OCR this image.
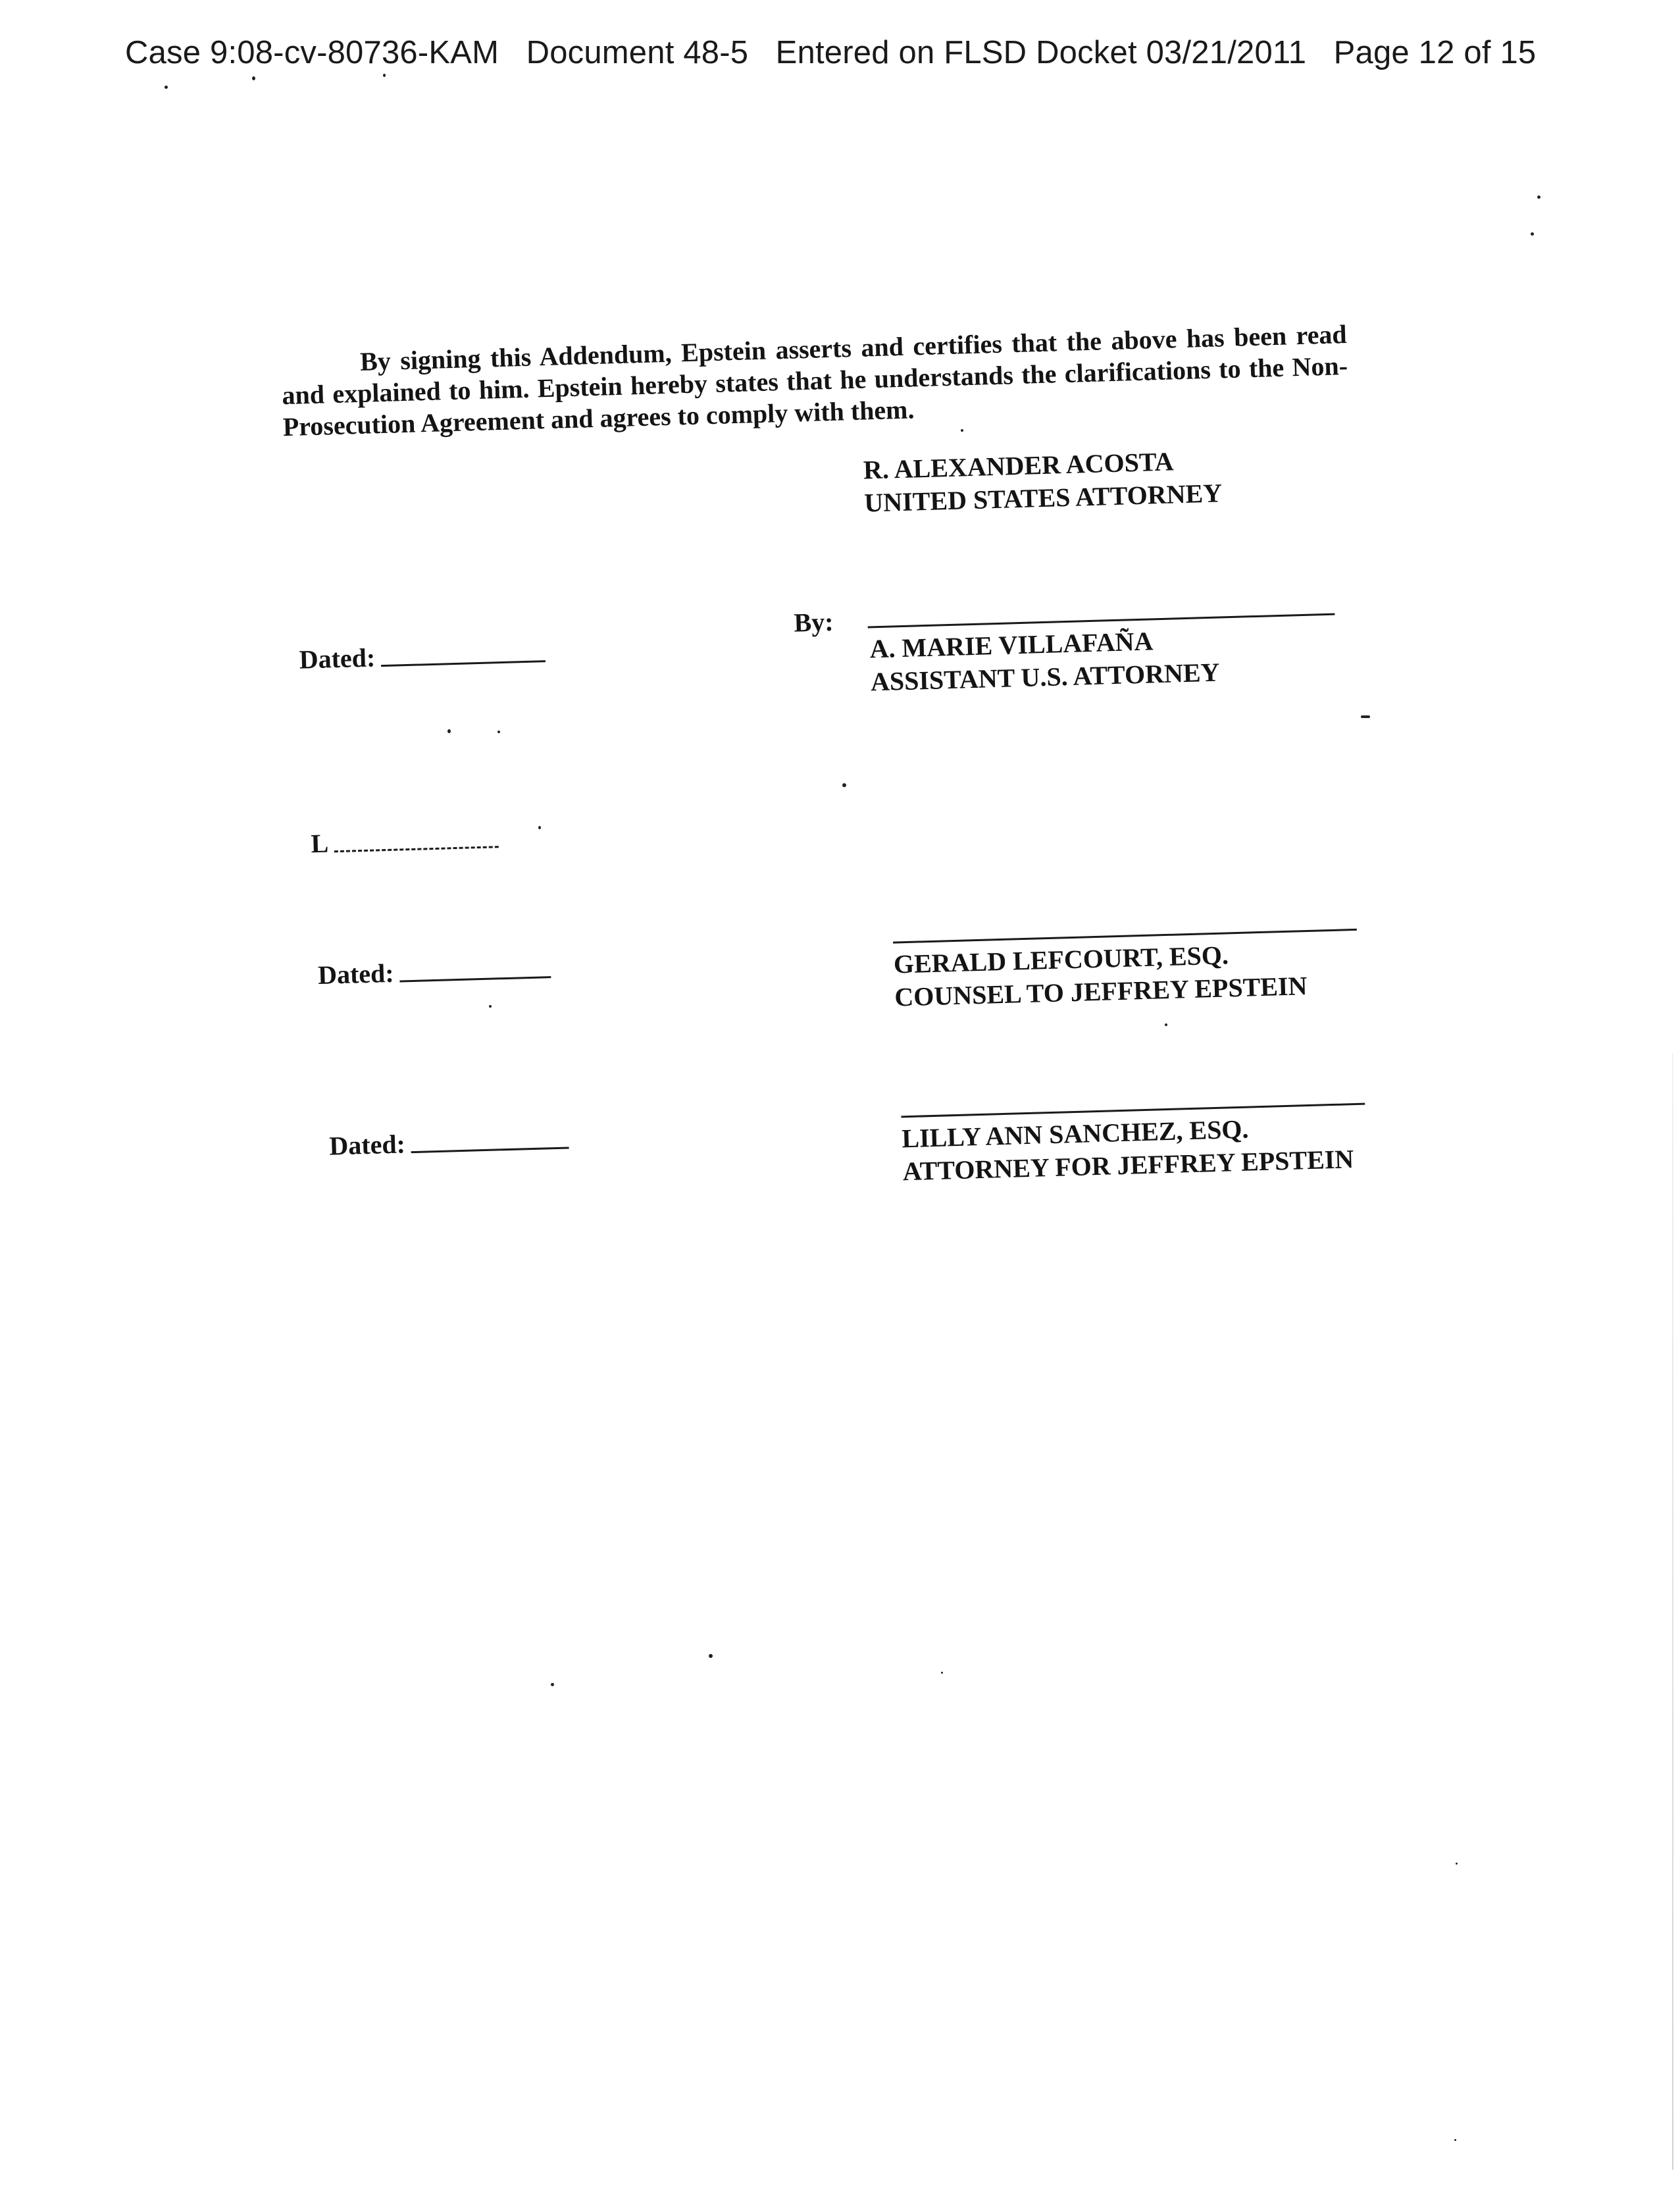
Case 9:08-cv-80736-KAM   Document 48-5   Entered on FLSD Docket 03/21/2011   Page 12 of 15

By signing this Addendum, Epstein asserts and certifies that the above has been read and explained to him. Epstein hereby states that he understands the clarifications to the Non-Prosecution Agreement and agrees to comply with them.

R. ALEXANDER ACOSTA
UNITED STATES ATTORNEY
By:
A. MARIE VILLAFAÑA
ASSISTANT U.S. ATTORNEY
Dated:
L
GERALD LEFCOURT, ESQ.
COUNSEL TO JEFFREY EPSTEIN
Dated:
LILLY ANN SANCHEZ, ESQ.
ATTORNEY FOR JEFFREY EPSTEIN
Dated:
